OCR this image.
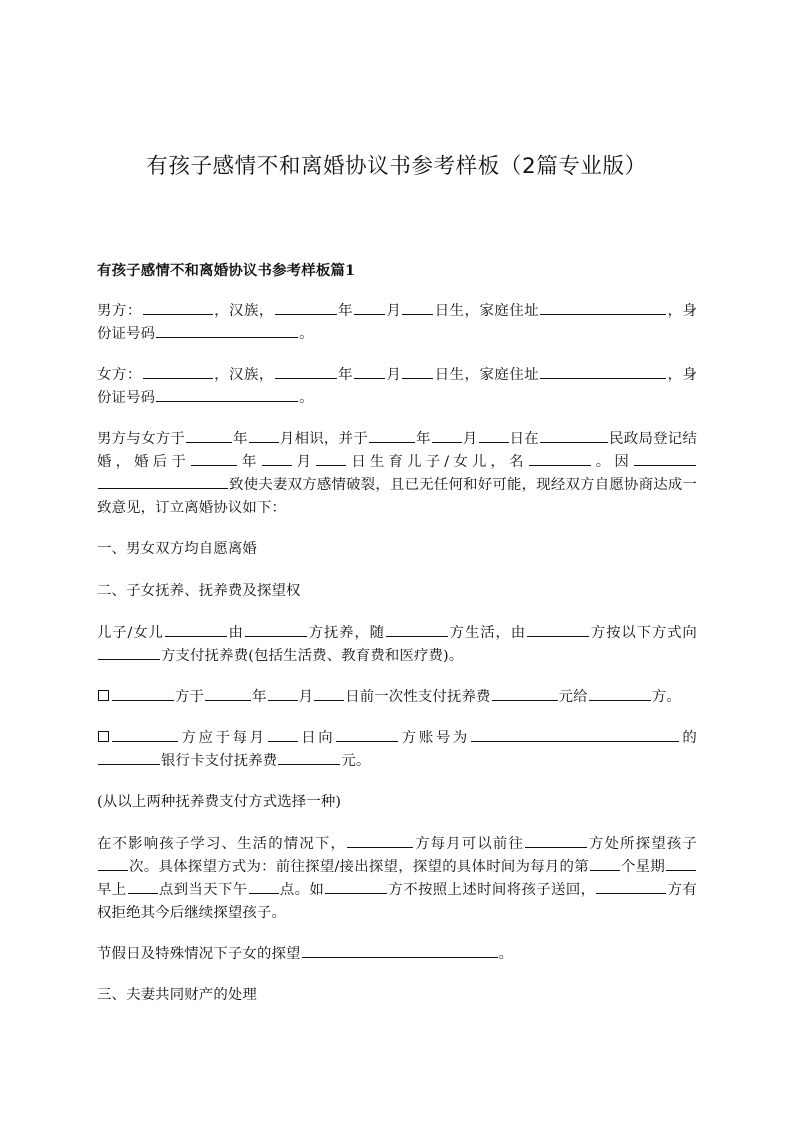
有孩子感情不和离婚协议书参考样板（2篇专业版）
有孩子感情不和离婚协议书参考样板篇1

男方：	，汉族，	年 月 日生，家庭住址	，身份证号码	。

女方：	，汉族，	年 月 日生，家庭住址	，身份证号码	。

男方与女方于	年 月相识，并于	年 月 日在	民政局登记结婚，婚后于	年 月 日生育儿子/女儿，名	。因致使夫妻双方感情破裂，且已无任何和好可能，现经双方自愿协商达成一致意见，订立离婚协议如下：

一、男女双方均自愿离婚

二、子女抚养、抚养费及探望权

儿子/女儿	由	方抚养，随	方生活，由	方按以下方式向方支付抚养费(包括生活费、教育费和医疗费)。

方于	年 月 日前一次性支付抚养费	元给	方。

方应于每月 日向	方账号为	的银行卡支付抚养费	元。

(从以上两种抚养费支付方式选择一种)

在不影响孩子学习、生活的情况下，	方每月可以前往	方处所探望孩子次。具体探望方式为：前往探望/接出探望，探望的具体时间为每月的第 个星期早上 点到当天下午 点。如	方不按照上述时间将孩子送回，	方有权拒绝其今后继续探望孩子。

节假日及特殊情况下子女的探望	。

三、夫妻共同财产的处理
